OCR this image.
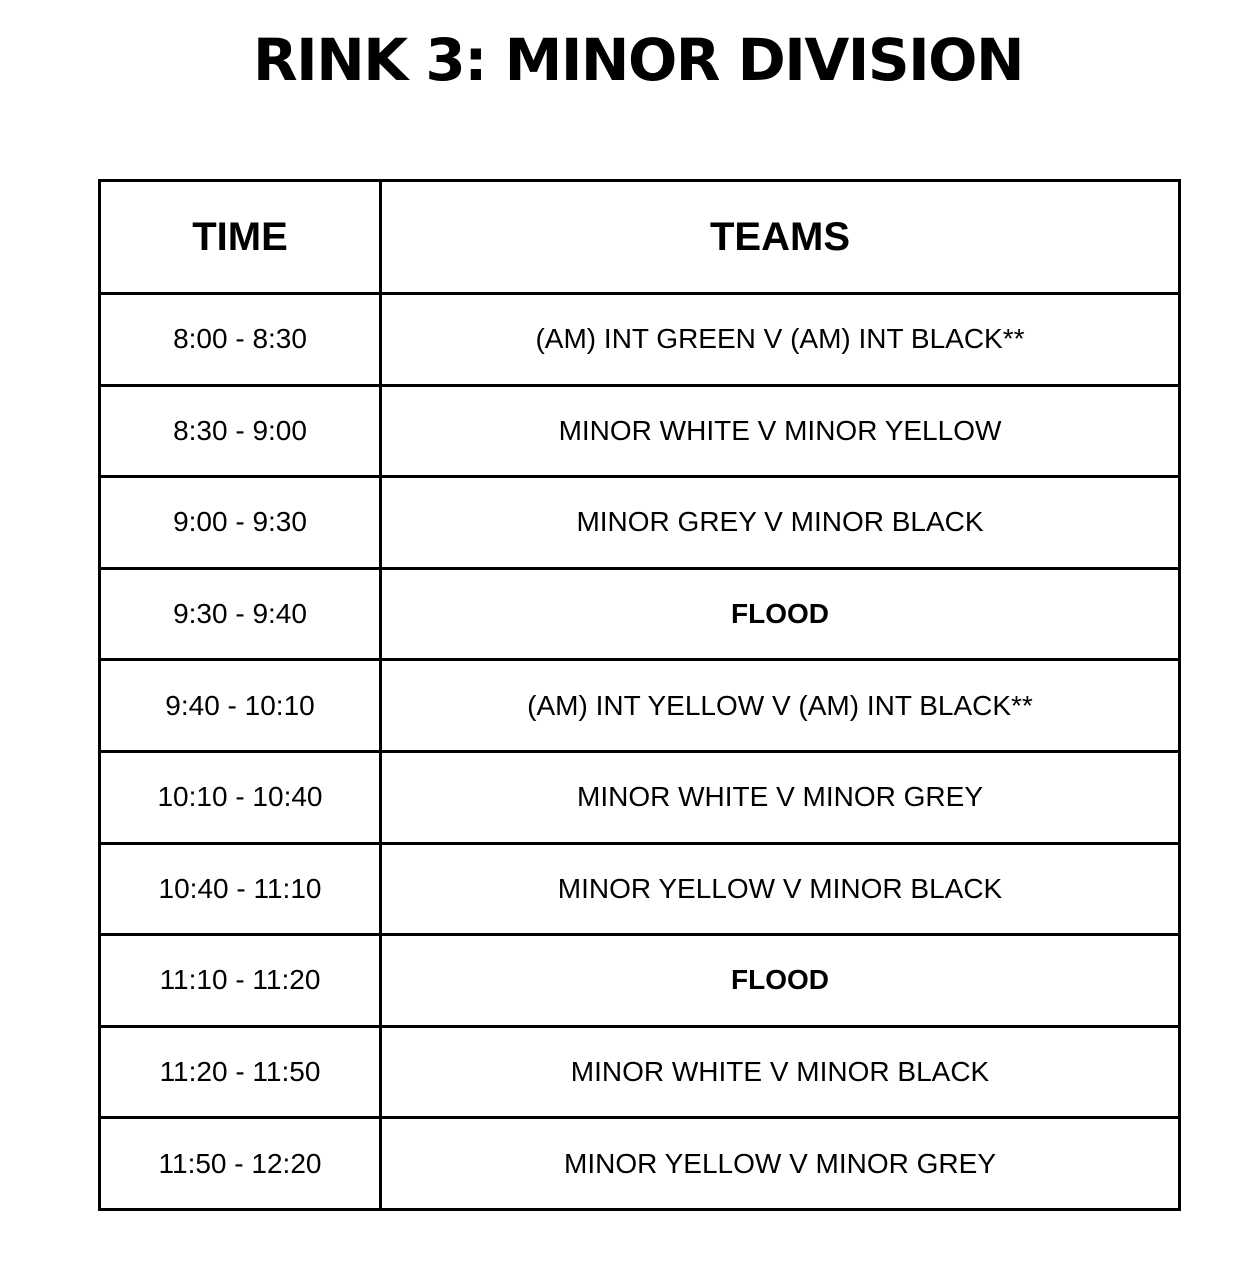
RINK 3: MINOR DIVISION
TIME	TEAMS
8:00 - 8:30	(AM) INT GREEN V (AM) INT BLACK**
8:30 - 9:00	MINOR WHITE V MINOR YELLOW
9:00 - 9:30	MINOR GREY V MINOR BLACK
9:30 - 9:40	FLOOD
9:40 - 10:10	(AM) INT YELLOW V (AM) INT BLACK**
10:10 - 10:40	MINOR WHITE V MINOR GREY
10:40 - 11:10	MINOR YELLOW V MINOR BLACK
11:10 - 11:20	FLOOD
11:20 - 11:50	MINOR WHITE V MINOR BLACK
11:50 - 12:20	MINOR YELLOW V MINOR GREY
